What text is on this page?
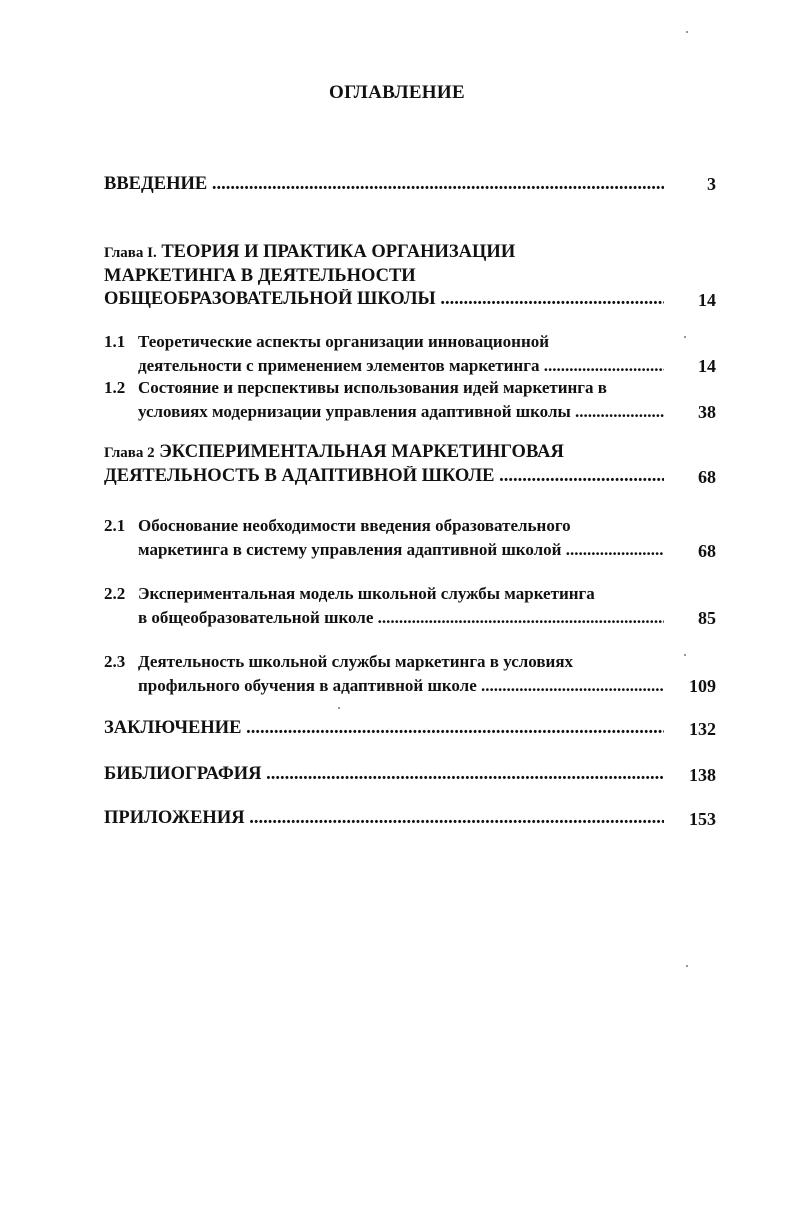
ОГЛАВЛЕНИЕ
ВВЕДЕНИЕ .....	3
Глава I. ТЕОРИЯ И ПРАКТИКА ОРГАНИЗАЦИИ
МАРКЕТИНГА В ДЕЯТЕЛЬНОСТИ
ОБЩЕОБРАЗОВАТЕЛЬНОЙ ШКОЛЫ .....	14
1.1 Теоретические аспекты организации инновационной
деятельности с применением элементов маркетинга .....	14
1.2 Состояние и перспективы использования идей маркетинга в
условиях модернизации управления адаптивной школы .....	38
Глава 2 ЭКСПЕРИМЕНТАЛЬНАЯ МАРКЕТИНГОВАЯ
ДЕЯТЕЛЬНОСТЬ В АДАПТИВНОЙ ШКОЛЕ .....	68
2.1 Обоснование необходимости введения образовательного
маркетинга в систему управления адаптивной школой .....	68
2.2 Экспериментальная модель школьной службы маркетинга
в общеобразовательной школе .....	85
2.3 Деятельность школьной службы маркетинга в условиях
профильного обучения в адаптивной школе .....	109
ЗАКЛЮЧЕНИЕ .....	132
БИБЛИОГРАФИЯ .....	138
ПРИЛОЖЕНИЯ .....	153
